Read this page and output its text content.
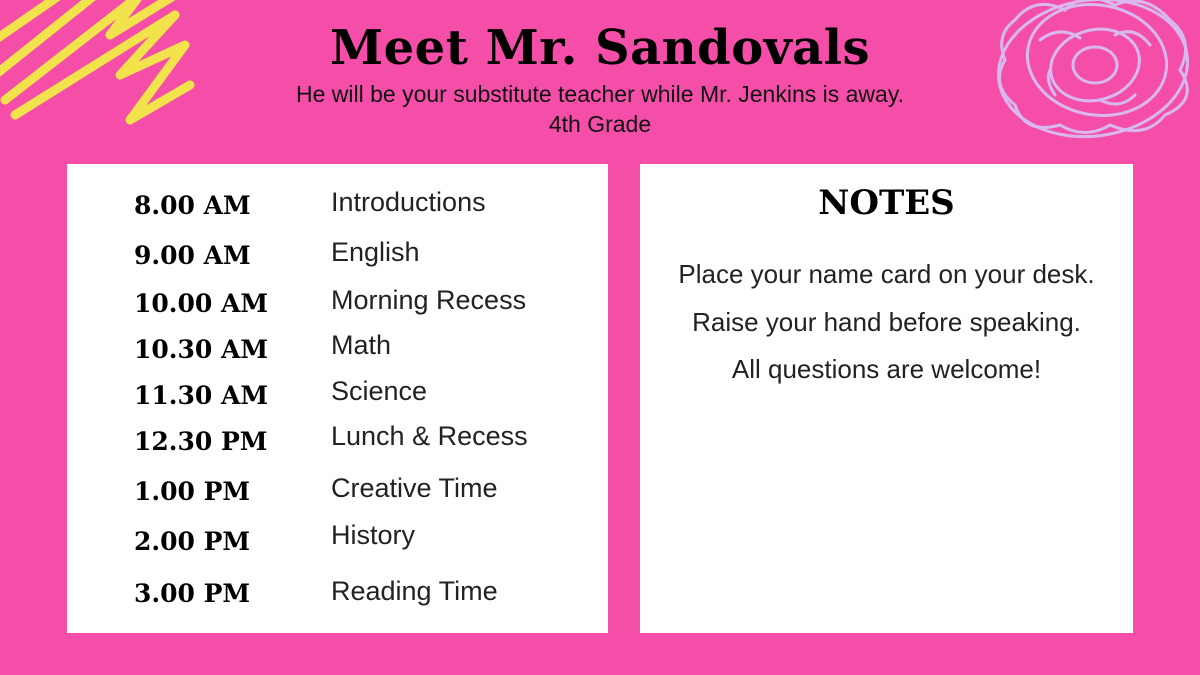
Meet Mr. Sandovals
He will be your substitute teacher while Mr. Jenkins is away.
4th Grade
8.00 AM	Introductions
9.00 AM	English
10.00 AM Morning Recess
10.30 AM Math
11.30 AM Science
12.30 PM Lunch & Recess
1.00 PM	Creative Time
2.00 PM	History
3.00 PM	Reading Time
NOTES
Place your name card on your desk.
Raise your hand before speaking.
All questions are welcome!
